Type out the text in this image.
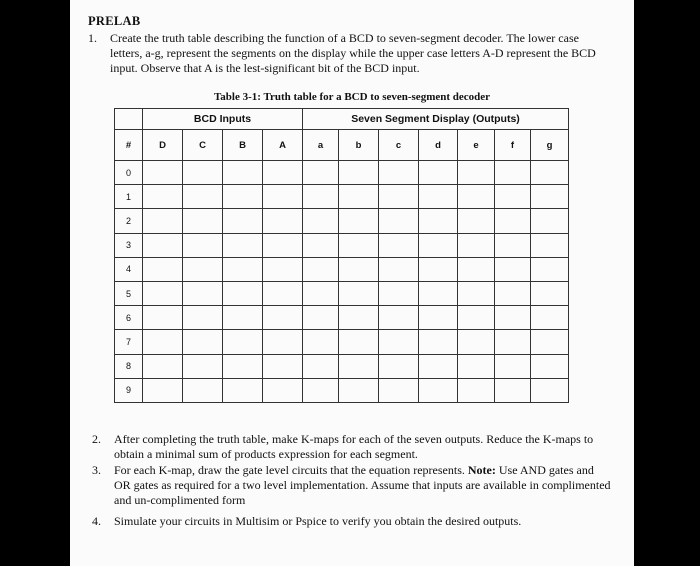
PRELAB
1. Create the truth table describing the function of a BCD to seven-segment decoder. The lower case letters, a-g, represent the segments on the display while the upper case letters A-D represent the BCD input. Observe that A is the lest-significant bit of the BCD input.
Table 3-1: Truth table for a BCD to seven-segment decoder
	BCD Inputs				Seven Segment Display (Outputs)						
#	D	C	B	A	a	b	c	d	e	f	g
0											
1											
2											
3											
4											
5											
6											
7											
8											
9											
2. After completing the truth table, make K-maps for each of the seven outputs. Reduce the K-maps to obtain a minimal sum of products expression for each segment.
3. For each K-map, draw the gate level circuits that the equation represents. Note: Use AND gates and OR gates as required for a two level implementation. Assume that inputs are available in complimented and un-complimented form
4. Simulate your circuits in Multisim or Pspice to verify you obtain the desired outputs.
